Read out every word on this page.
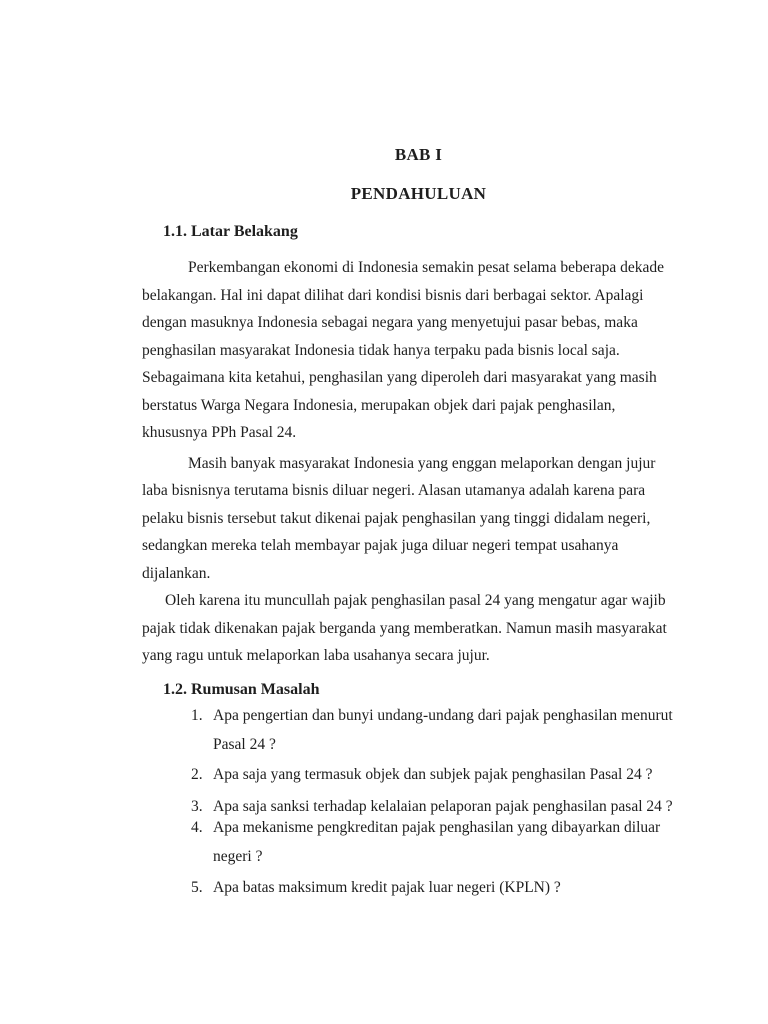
BAB I
PENDAHULUAN
1.1. Latar Belakang
Perkembangan ekonomi di Indonesia semakin pesat selama beberapa dekade
belakangan. Hal ini dapat dilihat dari kondisi bisnis dari berbagai sektor. Apalagi
dengan masuknya Indonesia sebagai negara yang menyetujui pasar bebas, maka
penghasilan masyarakat Indonesia tidak hanya terpaku pada bisnis local saja.
Sebagaimana kita ketahui, penghasilan yang diperoleh dari masyarakat yang masih
berstatus Warga Negara Indonesia, merupakan objek dari pajak penghasilan,
khususnya PPh Pasal 24.
Masih banyak masyarakat Indonesia yang enggan melaporkan dengan jujur
laba bisnisnya terutama bisnis diluar negeri. Alasan utamanya adalah karena para
pelaku bisnis tersebut takut dikenai pajak penghasilan yang tinggi didalam negeri,
sedangkan mereka telah membayar pajak juga diluar negeri tempat usahanya
dijalankan.
Oleh karena itu muncullah pajak penghasilan pasal 24 yang mengatur agar wajib
pajak tidak dikenakan pajak berganda yang memberatkan. Namun masih masyarakat
yang ragu untuk melaporkan laba usahanya secara jujur.
1.2. Rumusan Masalah
1. Apa pengertian dan bunyi undang-undang dari pajak penghasilan menurut
Pasal 24 ?
2. Apa saja yang termasuk objek dan subjek pajak penghasilan Pasal 24 ?
3. Apa saja sanksi terhadap kelalaian pelaporan pajak penghasilan pasal 24 ?
4. Apa mekanisme pengkreditan pajak penghasilan yang dibayarkan diluar
negeri ?
5. Apa batas maksimum kredit pajak luar negeri (KPLN) ?
